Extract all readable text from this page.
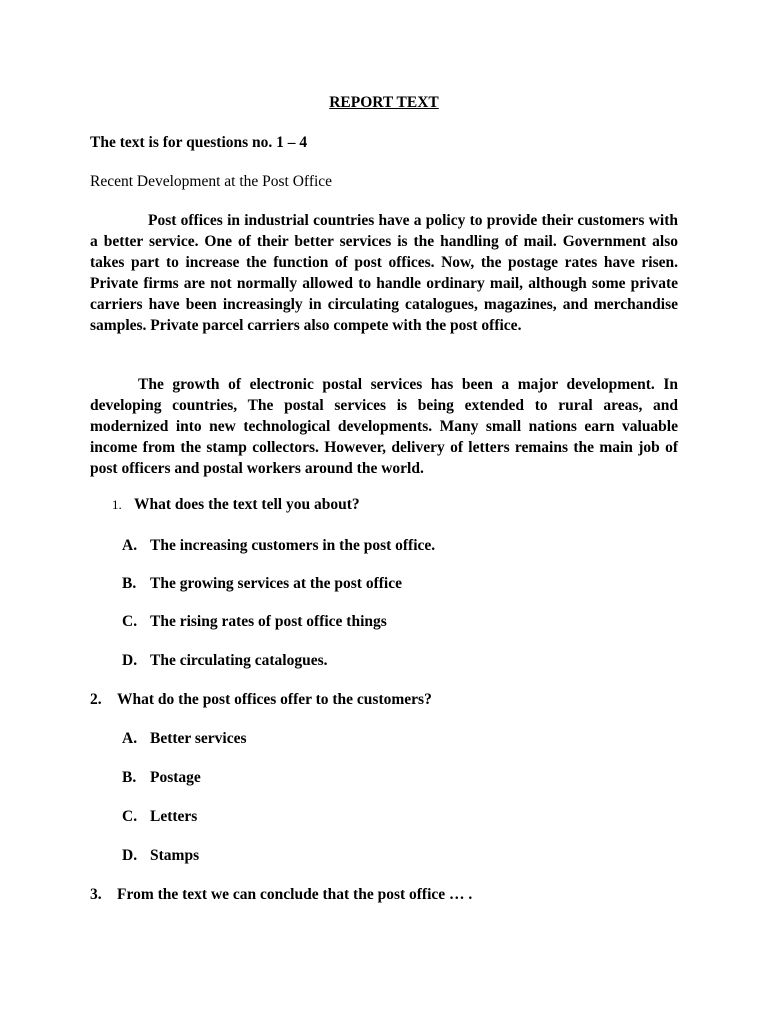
REPORT TEXT
The text is for questions no. 1 – 4
Recent Development at the Post Office

Post offices in industrial countries have a policy to provide their customers with a better service. One of their better services is the handling of mail. Government also takes part to increase the function of post offices. Now, the postage rates have risen. Private firms are not normally allowed to handle ordinary mail, although some private carriers have been increasingly in circulating catalogues, magazines, and merchandise samples. Private parcel carriers also compete with the post office.

The growth of electronic postal services has been a major development. In developing countries, The postal services is being extended to rural areas, and modernized into new technological developments. Many small nations earn valuable income from the stamp collectors. However, delivery of letters remains the main job of post officers and postal workers around the world.

1. What does the text tell you about?
A. The increasing customers in the post office.
B. The growing services at the post office
C. The rising rates of post office things
D. The circulating catalogues.
2. What do the post offices offer to the customers?
A. Better services
B. Postage
C. Letters
D. Stamps
3. From the text we can conclude that the post office … .
